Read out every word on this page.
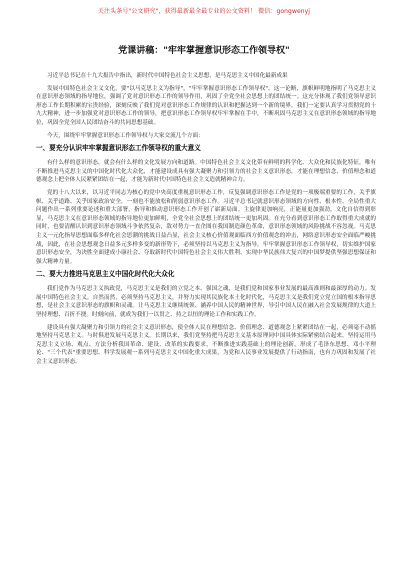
关注头条号"公文研究"，获得最新最全最专业的公文资料！ 微信：gongwenyj
党课讲稿："牢牢掌握意识形态工作领导权"

习近平总书记在十九大报告中指出，新时代中国特色社会主义思想，是马克思主义中国化最新成果

发展中国特色社会主义文化，要"以马克思主义为指导"，"牢牢掌握意识形态工作领导权"。这一论断，旗帜鲜明地指明了马克思主义在意识形态领域的指导地位，强调了党对意识形态工作的领导作用，巩固了全党全社会思想上的团结统一。这充分体现了我们党领导意识形态工作长期积累的宝贵经验，深刻反映了我们党对意识形态工作规律的认识和把握达到一个新的境界。我们一定要认真学习贯彻党的十九大精神，进一步加强党对意识形态工作的领导，把意识形态工作领导权牢牢掌握在手中，不断巩固马克思主义在意识形态领域的指导地位，巩固全党全国人民团结奋斗的共同思想基础。

今天，围绕牢牢掌握意识形态工作领导权与大家交流几个方面：

一、要充分认识牢牢掌握意识形态工作领导权的重大意义

有什么样的意识形态，就会有什么样的文化发展方向和道路。中国特色社会主义文化带有鲜明的科学化、大众化和民族化特征，唯有不断推进马克思主义的中国化时代化大众化，才能建设成具有强大凝聚力和引领力的社会主义意识形态，才能在理想信念、价值理念和道德观念上把全体人民紧紧团结在一起，才能为新时代中国特色社会主义造就精神合力。

党的十八大以来，以习近平同志为核心的党中央高度重视意识形态工作，反复强调意识形态工作是党的一项极端重要的工作，关乎旗帜、关乎道路、关乎国家政治安全，一刻也不能放松和削弱意识形态工作。习近平总书记就意识形态领域的方向性、根本性、全局性重大问题作出一系列重要论述和重大部署，指导和推动意识形态工作开创了崭新局面。主旋律更加响亮，正能量更加强劲，文化自信得到彰显，马克思主义在意识形态领域的指导地位更加鲜明，全党全社会思想上的团结统一更加巩固。在充分看到意识形态工作取得重大成就的同时，也要清醒认识到意识形态领域斗争依然复杂，敌对势力一直企图在我国制造颜色革命，意识形态领域的风险挑战不容忽视。马克思主义一元化指导思想面临多样化社会思潮的挑战日益凸显，社会主义核心价值观面临西方价值观念的冲击，网络意识形态安全面临严峻挑战，因此，在社会思想观念日益多元多样多变的新形势下，必须坚持以马克思主义为指导，牢牢掌握意识形态工作领导权，切实维护国家意识形态安全，为决胜全面建成小康社会、夺取新时代中国特色社会主义伟大胜利、实现中华民族伟大复兴的中国梦提供坚强思想保证和强大精神力量。

二、要大力推进马克思主义中国化时代化大众化

我们党作为马克思主义执政党，马克思主义是我们的立党之本、强国之魂，是我们党和国家事业发展的最高准则和最深厚的动力。发展中国特色社会主义，自然而然，必须坚持马克思主义，并努力实现其民族化本土化时代化，马克思主义是我们党立党立国的根本指导思想，是社会主义意识形态的旗帜和灵魂。让马克思主义继续统领、涵养中国人民的精神世界，导引中国人民在融入社会发展规律的大道上坚持理想、百折不挠。时刻向前，就成为我们一以贯之、持之以恒的理论工作和实践工作。

建设具有强大凝聚力和引领力的社会主义意识形态，使全体人民在理想信念、价值理念、道德观念上紧紧团结在一起，必须毫不动摇地坚持马克思主义。与时俱进发展马克思主义。长期以来，我们党坚持把马克思主义基本原理同中国具体实际紧密结合起来，坚持运用马克思主义立场、观点、方法分析我国革命、建设、改革的实践要求，不断推进实践基础上的理论创新，形成了毛泽东思想、邓小平理论、"三个代表"重要思想、科学发展观一系列马克思主义中国化重大成果，为党和人民事业发展提供了行动指南，也有力巩固和发展了社会主义意识形态。
